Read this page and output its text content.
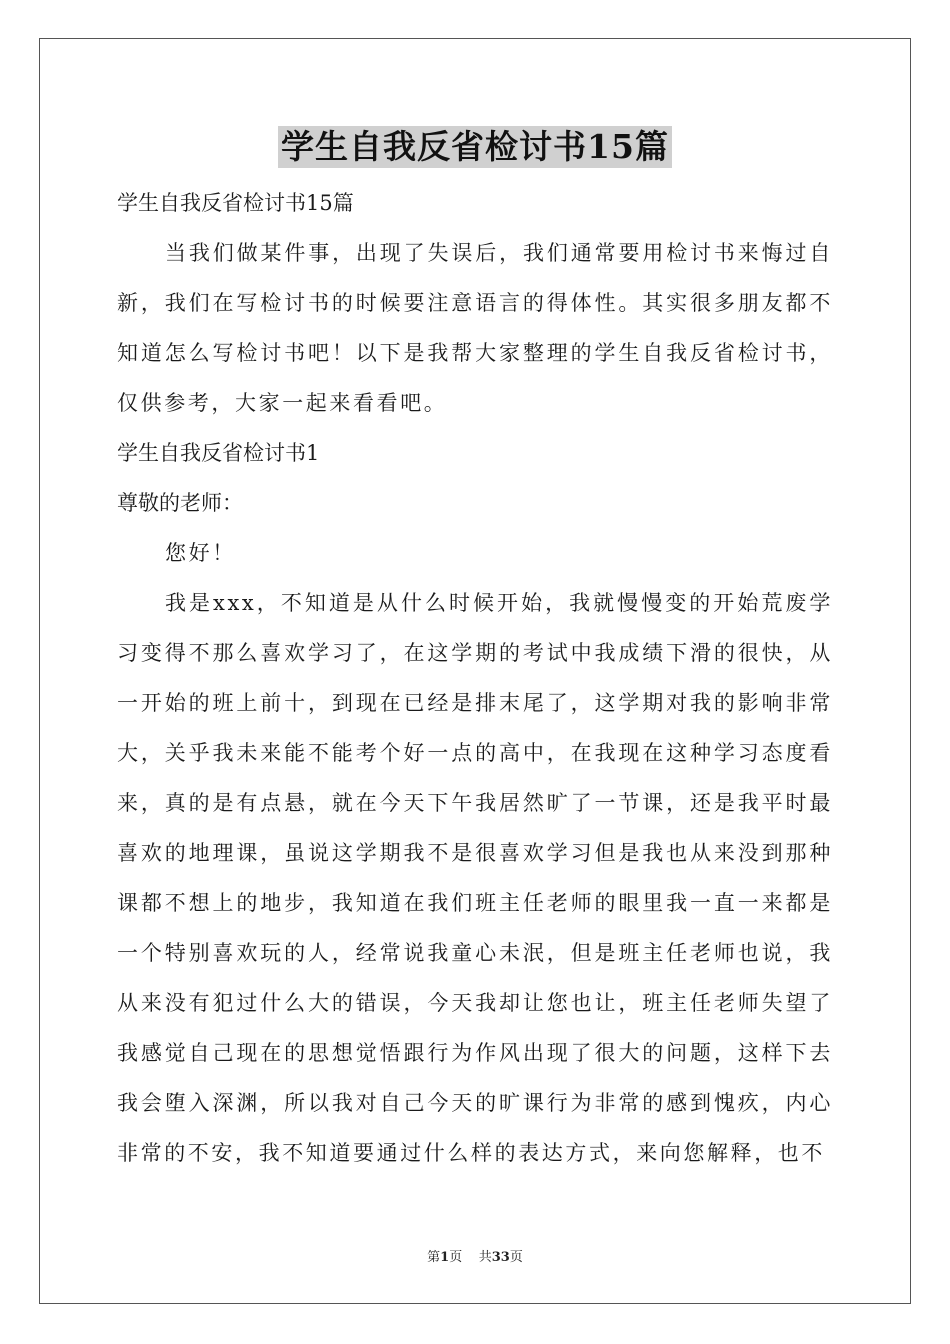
学生自我反省检讨书15篇

学生自我反省检讨书15篇

当我们做某件事，出现了失误后，我们通常要用检讨书来悔过自新，我们在写检讨书的时候要注意语言的得体性。其实很多朋友都不知道怎么写检讨书吧！以下是我帮大家整理的学生自我反省检讨书，仅供参考，大家一起来看看吧。

学生自我反省检讨书1

尊敬的老师：

您好！

我是xxx，不知道是从什么时候开始，我就慢慢变的开始荒废学习变得不那么喜欢学习了，在这学期的考试中我成绩下滑的很快，从一开始的班上前十，到现在已经是排末尾了，这学期对我的影响非常大，关乎我未来能不能考个好一点的高中，在我现在这种学习态度看来，真的是有点悬，就在今天下午我居然旷了一节课，还是我平时最喜欢的地理课，虽说这学期我不是很喜欢学习但是我也从来没到那种课都不想上的地步，我知道在我们班主任老师的眼里我一直一来都是一个特别喜欢玩的人，经常说我童心未泯，但是班主任老师也说，我从来没有犯过什么大的错误，今天我却让您也让，班主任老师失望了我感觉自己现在的思想觉悟跟行为作风出现了很大的问题，这样下去我会堕入深渊，所以我对自己今天的旷课行为非常的感到愧疚，内心非常的不安，我不知道要通过什么样的表达方式，来向您解释，也不

第1页 共33页
